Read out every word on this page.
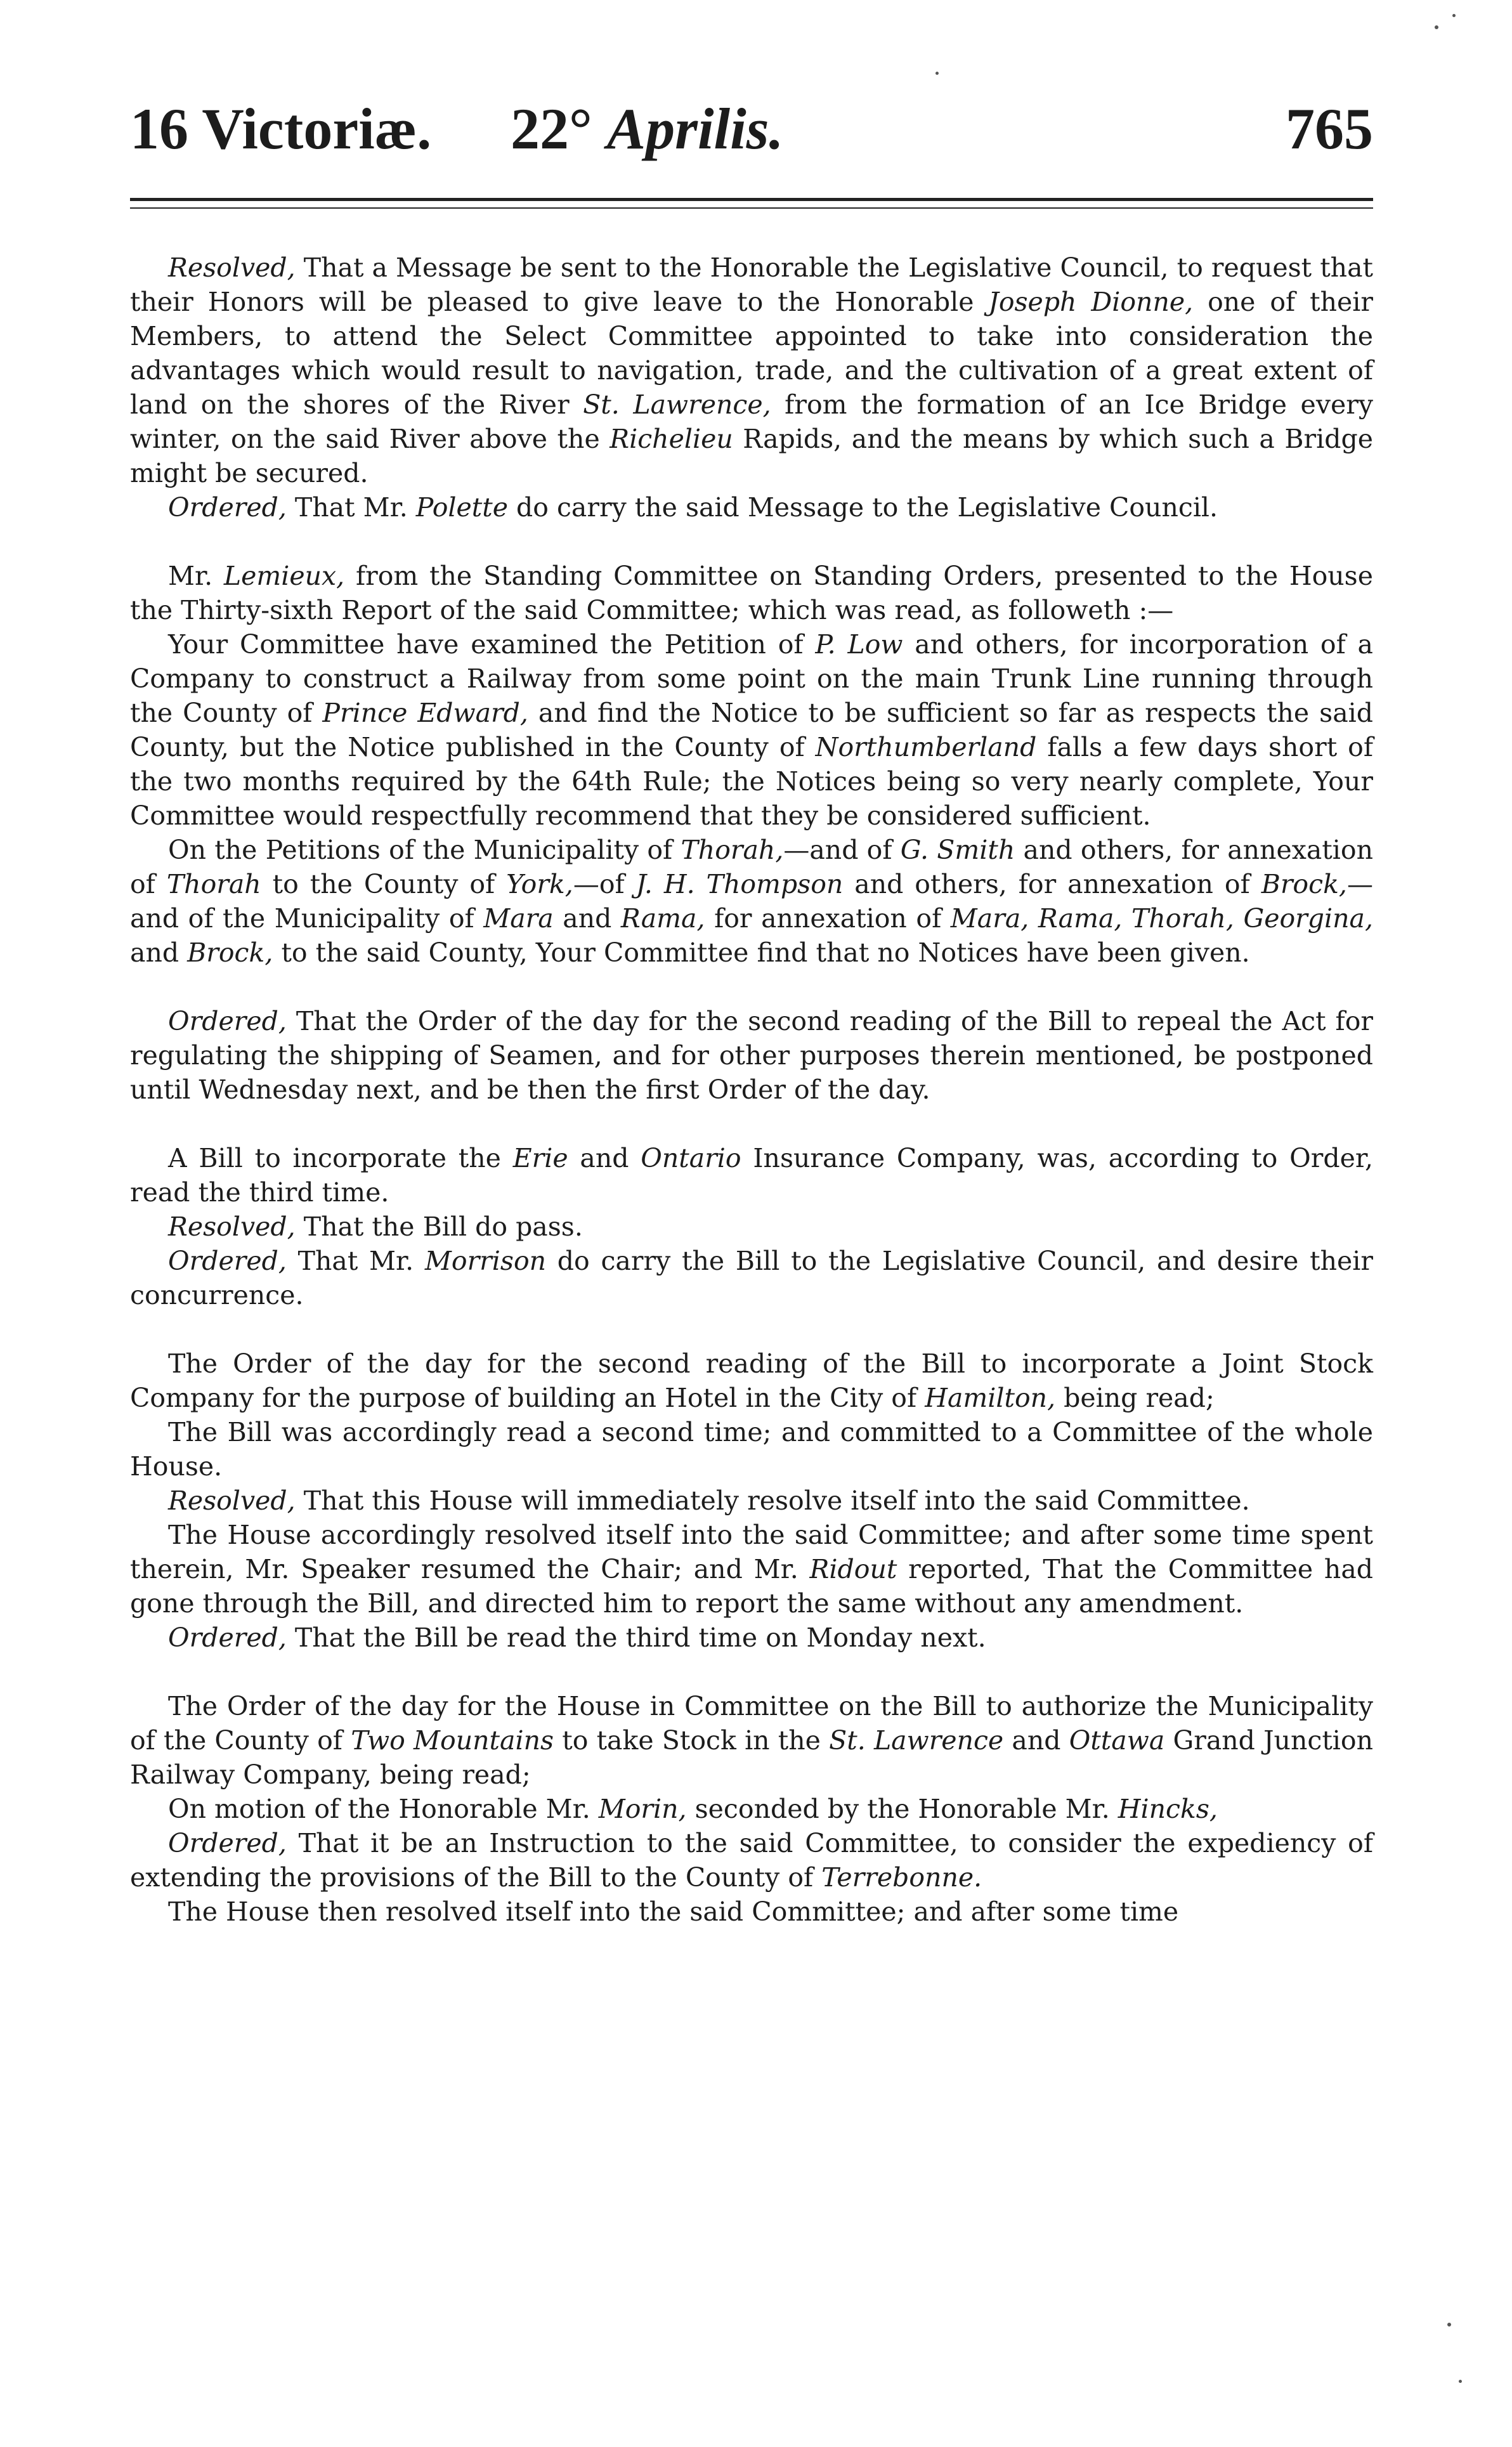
16 Victoriæ. 22° Aprilis.	765

Resolved, That a Message be sent to the Honorable the Legislative Council, to request that their Honors will be pleased to give leave to the Honorable Joseph Dionne, one of their Members, to attend the Select Committee appointed to take into consideration the advantages which would result to navigation, trade, and the cultivation of a great extent of land on the shores of the River St. Lawrence, from the formation of an Ice Bridge every winter, on the said River above the Richelieu Rapids, and the means by which such a Bridge might be secured.

Ordered, That Mr. Polette do carry the said Message to the Legislative Council.

Mr. Lemieux, from the Standing Committee on Standing Orders, presented to the House the Thirty-sixth Report of the said Committee; which was read, as followeth :—

Your Committee have examined the Petition of P. Low and others, for incorporation of a Company to construct a Railway from some point on the main Trunk Line running through the County of Prince Edward, and find the Notice to be sufficient so far as respects the said County, but the Notice published in the County of Northumberland falls a few days short of the two months required by the 64th Rule; the Notices being so very nearly complete, Your Committee would respectfully recommend that they be considered sufficient.

On the Petitions of the Municipality of Thorah,—and of G. Smith and others, for annexation of Thorah to the County of York,—of J. H. Thompson and others, for annexation of Brock,—and of the Municipality of Mara and Rama, for annexation of Mara, Rama, Thorah, Georgina, and Brock, to the said County, Your Committee find that no Notices have been given.

Ordered, That the Order of the day for the second reading of the Bill to repeal the Act for regulating the shipping of Seamen, and for other purposes therein mentioned, be postponed until Wednesday next, and be then the first Order of the day.

A Bill to incorporate the Erie and Ontario Insurance Company, was, according to Order, read the third time.

Resolved, That the Bill do pass.

Ordered, That Mr. Morrison do carry the Bill to the Legislative Council, and desire their concurrence.

The Order of the day for the second reading of the Bill to incorporate a Joint Stock Company for the purpose of building an Hotel in the City of Hamilton, being read;

The Bill was accordingly read a second time; and committed to a Committee of the whole House.

Resolved, That this House will immediately resolve itself into the said Committee.

The House accordingly resolved itself into the said Committee; and after some time spent therein, Mr. Speaker resumed the Chair; and Mr. Ridout reported, That the Committee had gone through the Bill, and directed him to report the same without any amendment.

Ordered, That the Bill be read the third time on Monday next.

The Order of the day for the House in Committee on the Bill to authorize the Municipality of the County of Two Mountains to take Stock in the St. Lawrence and Ottawa Grand Junction Railway Company, being read;

On motion of the Honorable Mr. Morin, seconded by the Honorable Mr. Hincks,

Ordered, That it be an Instruction to the said Committee, to consider the expediency of extending the provisions of the Bill to the County of Terrebonne.

The House then resolved itself into the said Committee; and after some time
